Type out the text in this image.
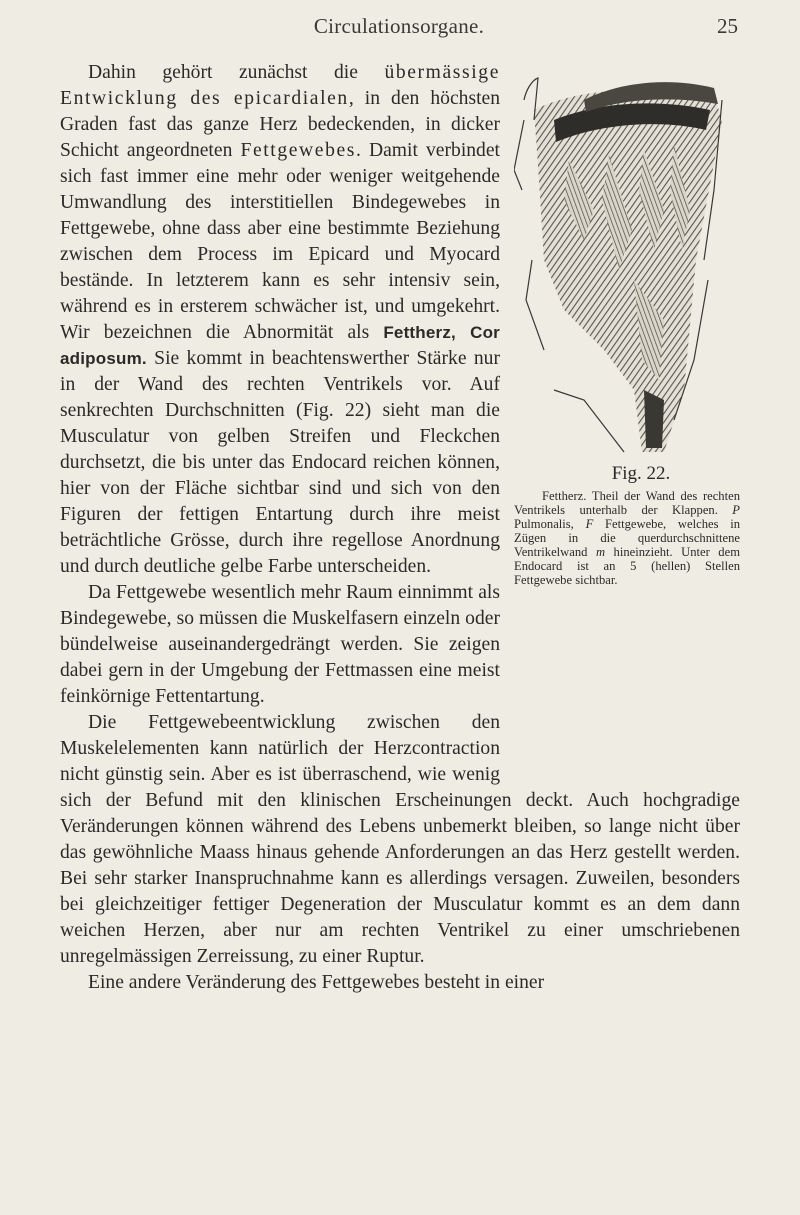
Circulationsorgane.	25

Fig. 22.
Fettherz. Theil der Wand des rechten Ventrikels unterhalb der Klappen. P Pulmonalis, F Fettgewebe, welches in Zügen in die querdurchschnittene Ventrikelwand m hineinzieht. Unter dem Endocard ist an 5 (hellen) Stellen Fettgewebe sichtbar.
Dahin gehört zunächst die übermässige Entwicklung des epicardialen, in den höchsten Graden fast das ganze Herz bedeckenden, in dicker Schicht angeordneten Fettgewebes. Damit verbindet sich fast immer eine mehr oder weniger weitgehende Umwandlung des interstitiellen Bindegewebes in Fettgewebe, ohne dass aber eine bestimmte Beziehung zwischen dem Process im Epicard und Myocard bestände. In letzterem kann es sehr intensiv sein, während es in ersterem schwächer ist, und umgekehrt. Wir bezeichnen die Abnormität als Fettherz, Cor adiposum. Sie kommt in beachtenswerther Stärke nur in der Wand des rechten Ventrikels vor. Auf senkrechten Durchschnitten (Fig. 22) sieht man die Musculatur von gelben Streifen und Fleckchen durchsetzt, die bis unter das Endocard reichen können, hier von der Fläche sichtbar sind und sich von den Figuren der fettigen Entartung durch ihre meist beträchtliche Grösse, durch ihre regellose Anordnung und durch deutliche gelbe Farbe unterscheiden.

Da Fettgewebe wesentlich mehr Raum einnimmt als Bindegewebe, so müssen die Muskelfasern einzeln oder bündelweise auseinandergedrängt werden. Sie zeigen dabei gern in der Umgebung der Fettmassen eine meist feinkörnige Fettentartung.

Die Fettgewebeentwicklung zwischen den Muskelelementen kann natürlich der Herzcontraction nicht günstig sein. Aber es ist überraschend, wie wenig sich der Befund mit den klinischen Erscheinungen deckt. Auch hochgradige Veränderungen können während des Lebens unbemerkt bleiben, so lange nicht über das gewöhnliche Maass hinaus gehende Anforderungen an das Herz gestellt werden. Bei sehr starker Inanspruchnahme kann es allerdings versagen. Zuweilen, besonders bei gleichzeitiger fettiger Degeneration der Musculatur kommt es an dem dann weichen Herzen, aber nur am rechten Ventrikel zu einer umschriebenen unregelmässigen Zerreissung, zu einer Ruptur.

Eine andere Veränderung des Fettgewebes besteht in einer
